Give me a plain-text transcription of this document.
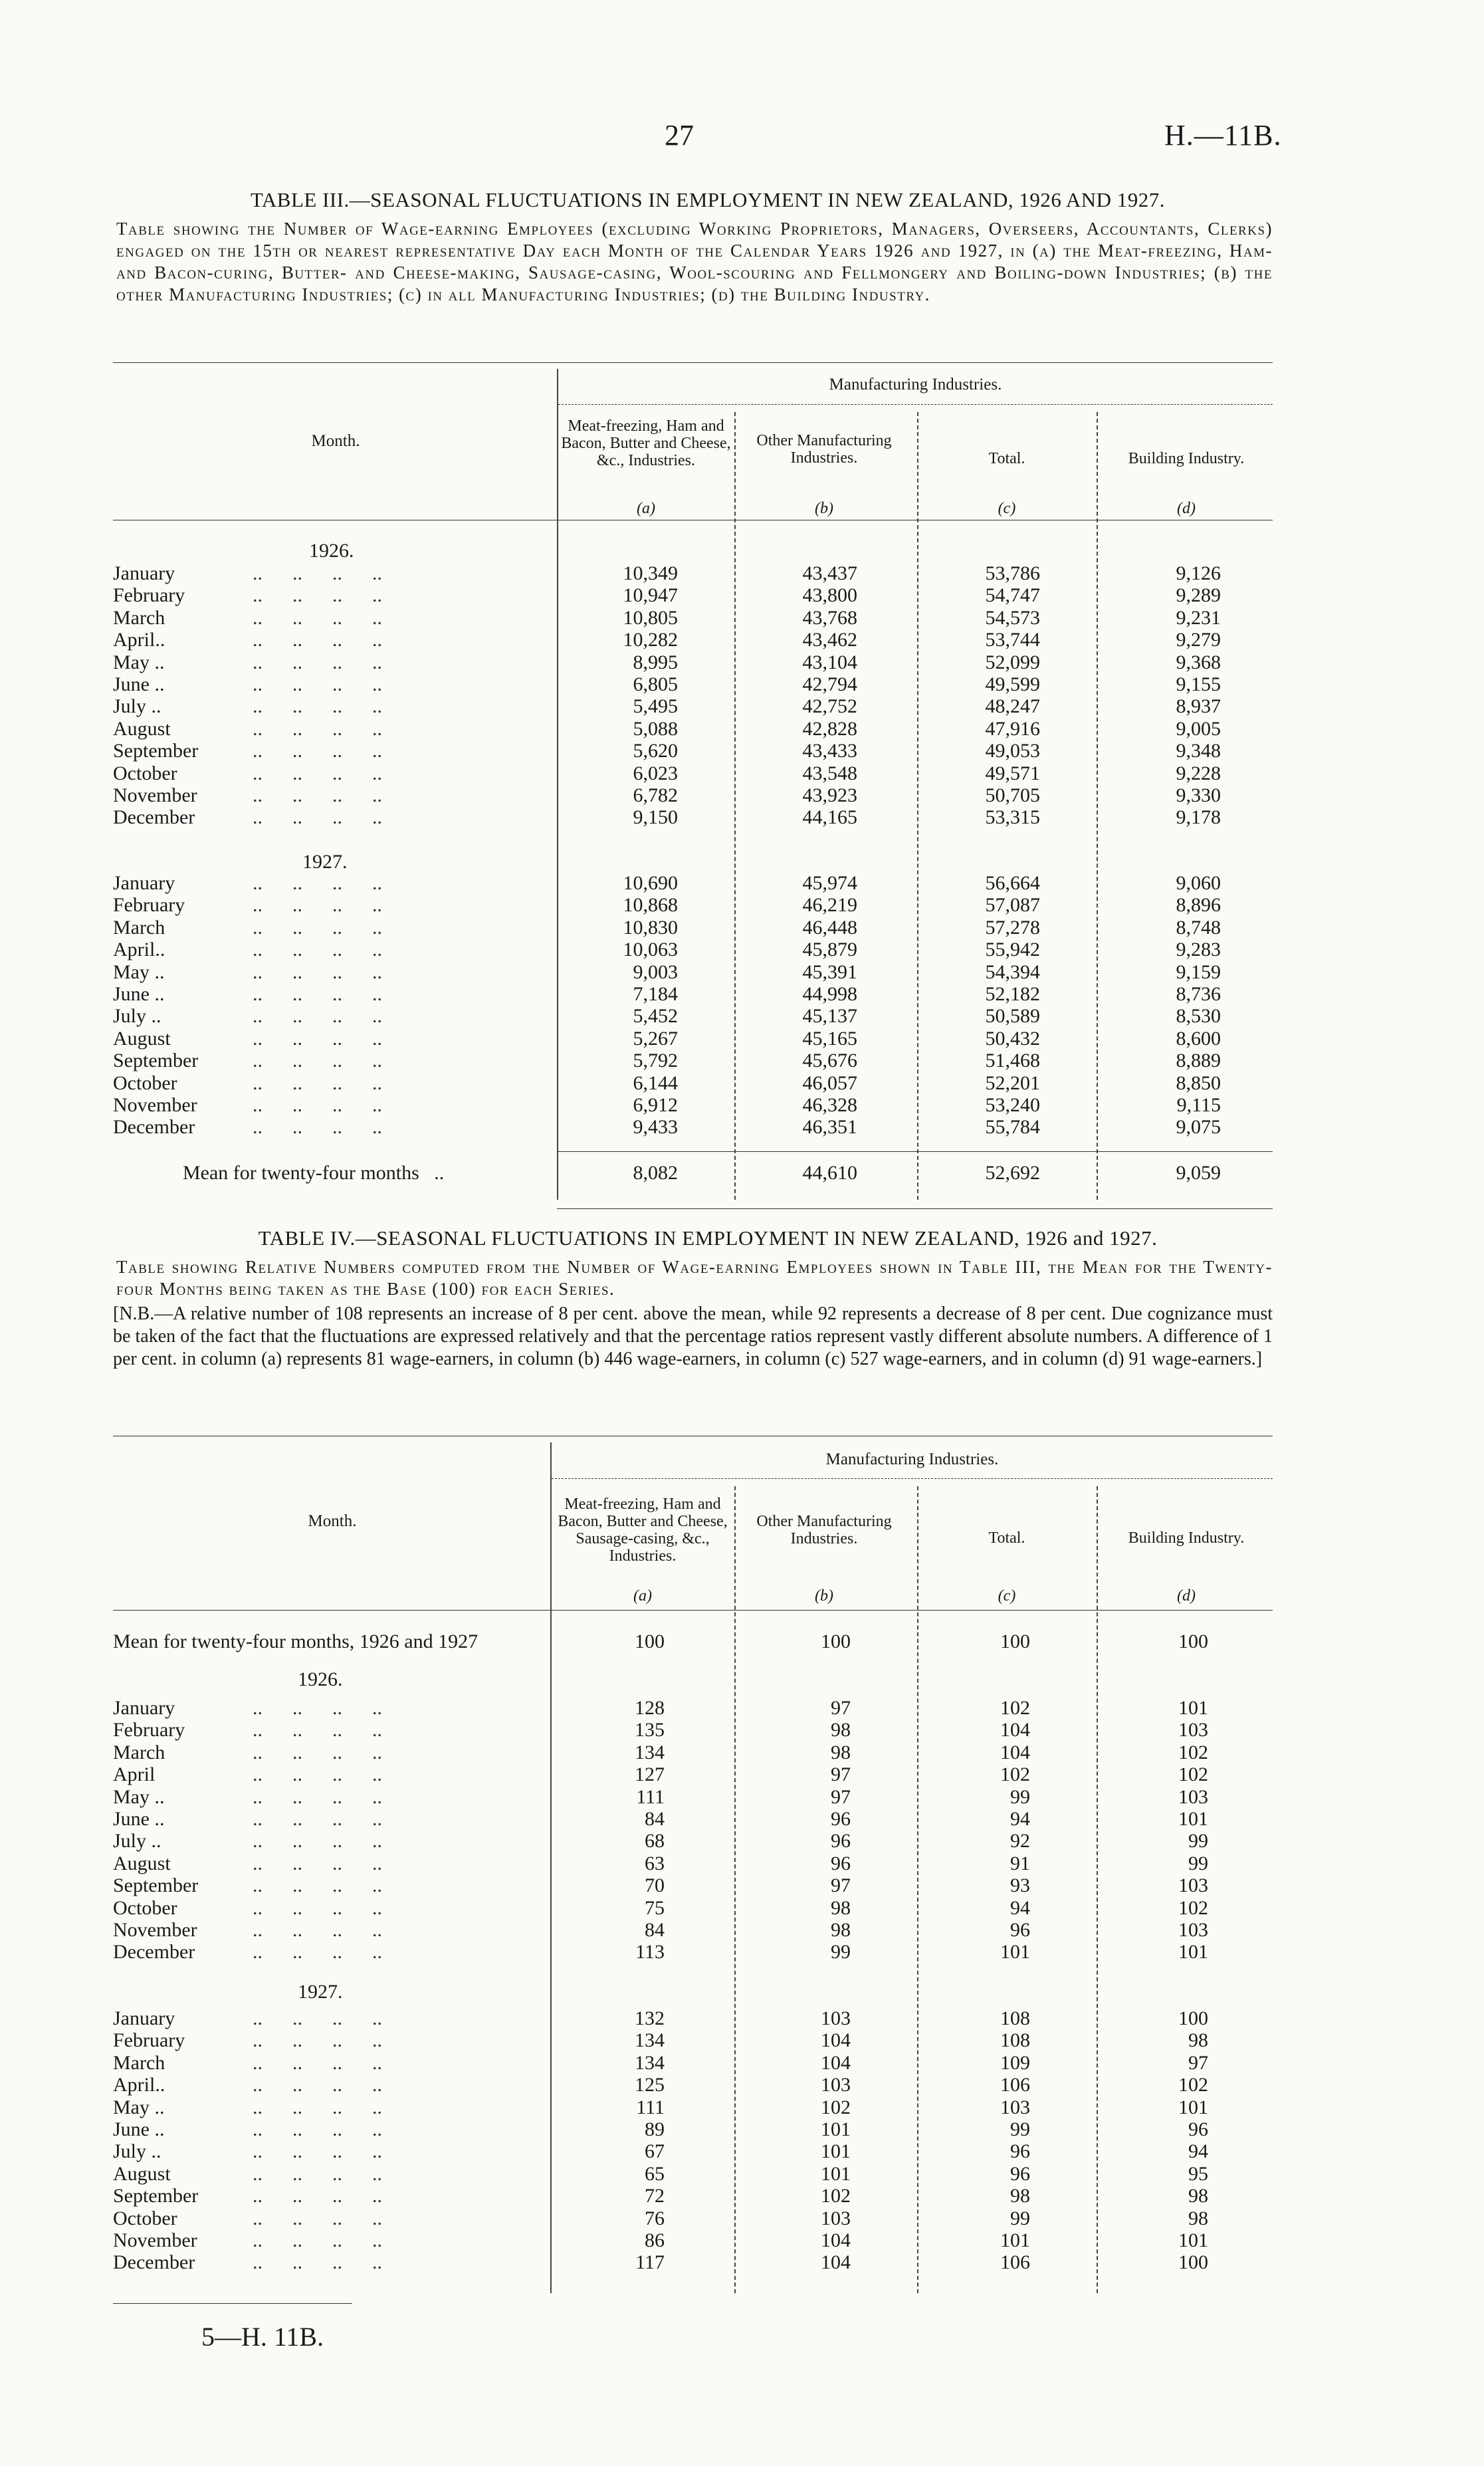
27	H.—11B.
TABLE III.—SEASONAL FLUCTUATIONS IN EMPLOYMENT IN NEW ZEALAND, 1926 AND 1927.
Table showing the Number of Wage-earning Employees (excluding Working Proprietors, Managers, Overseers, Accountants, Clerks) engaged on the 15th or nearest representative Day each Month of the Calendar Years 1926 and 1927, in (a) the Meat-freezing, Ham- and Bacon-curing, Butter- and Cheese-making, Sausage-casing, Wool-scouring and Fellmongery and Boiling-down Industries; (b) the other Manufacturing Industries; (c) in all Manufacturing Industries; (d) the Building Industry.
Manufacturing Industries.
Month.
Meat-freezing, Ham and Bacon, Butter and Cheese, &c., Industries.
Other Manufacturing Industries.	Total.	Building Industry.
(a)	(b)	(c)	(d)
1926.
January	..      ..      ..      ..	10,349	43,437	53,786	9,126
February	..      ..      ..      ..	10,947	43,800	54,747	9,289
March	..      ..      ..      ..	10,805	43,768	54,573	9,231
April..	..      ..      ..      ..	10,282	43,462	53,744	9,279
May ..	..      ..      ..      ..	8,995	43,104	52,099	9,368
June ..	..      ..      ..      ..	6,805	42,794	49,599	9,155
July ..	..      ..      ..      ..	5,495	42,752	48,247	8,937
August	..      ..      ..      ..	5,088	42,828	47,916	9,005
September	..      ..      ..      ..	5,620	43,433	49,053	9,348
October	..      ..      ..      ..	6,023	43,548	49,571	9,228
November	..      ..      ..      ..	6,782	43,923	50,705	9,330
December	..      ..      ..      ..	9,150	44,165	53,315	9,178
1927.
January	..      ..      ..      ..	10,690	45,974	56,664	9,060
February	..      ..      ..      ..	10,868	46,219	57,087	8,896
March	..      ..      ..      ..	10,830	46,448	57,278	8,748
April..	..      ..      ..      ..	10,063	45,879	55,942	9,283
May ..	..      ..      ..      ..	9,003	45,391	54,394	9,159
June ..	..      ..      ..      ..	7,184	44,998	52,182	8,736
July ..	..      ..      ..      ..	5,452	45,137	50,589	8,530
August	..      ..      ..      ..	5,267	45,165	50,432	8,600
September	..      ..      ..      ..	5,792	45,676	51,468	8,889
October	..      ..      ..      ..	6,144	46,057	52,201	8,850
November	..      ..      ..      ..	6,912	46,328	53,240	9,115
December	..      ..      ..      ..	9,433	46,351	55,784	9,075
Mean for twenty-four months   ..	8,082	44,610	52,692	9,059
TABLE IV.—SEASONAL FLUCTUATIONS IN EMPLOYMENT IN NEW ZEALAND, 1926 and 1927.
Table showing Relative Numbers computed from the Number of Wage-earning Employees shown in Table III, the Mean for the Twenty-four Months being taken as the Base (100) for each Series.
[N.B.—A relative number of 108 represents an increase of 8 per cent. above the mean, while 92 represents a decrease of 8 per cent. Due cognizance must be taken of the fact that the fluctuations are expressed relatively and that the percentage ratios represent vastly different absolute numbers. A difference of 1 per cent. in column (a) represents 81 wage-earners, in column (b) 446 wage-earners, in column (c) 527 wage-earners, and in column (d) 91 wage-earners.]
Manufacturing Industries.
Month.
Meat-freezing, Ham and Bacon, Butter and Cheese, Sausage-casing, &c., Industries.
Other Manufacturing Industries.	Total.	Building Industry.
(a)	(b)	(c)	(d)
Mean for twenty-four months, 1926 and 1927	100	100	100	100
1926.
January	..      ..      ..      ..	128	97	102	101
February	..      ..      ..      ..	135	98	104	103
March	..      ..      ..      ..	134	98	104	102
April	..      ..      ..      ..	127	97	102	102
May ..	..      ..      ..      ..	111	97	99	103
June ..	..      ..      ..      ..	84	96	94	101
July ..	..      ..      ..      ..	68	96	92	99
August	..      ..      ..      ..	63	96	91	99
September	..      ..      ..      ..	70	97	93	103
October	..      ..      ..      ..	75	98	94	102
November	..      ..      ..      ..	84	98	96	103
December	..      ..      ..      ..	113	99	101	101
1927.
January	..      ..      ..      ..	132	103	108	100
February	..      ..      ..      ..	134	104	108	98
March	..      ..      ..      ..	134	104	109	97
April..	..      ..      ..      ..	125	103	106	102
May ..	..      ..      ..      ..	111	102	103	101
June ..	..      ..      ..      ..	89	101	99	96
July ..	..      ..      ..      ..	67	101	96	94
August	..      ..      ..      ..	65	101	96	95
September	..      ..      ..      ..	72	102	98	98
October	..      ..      ..      ..	76	103	99	98
November	..      ..      ..      ..	86	104	101	101
December	..      ..      ..      ..	117	104	106	100
5—H. 11B.
